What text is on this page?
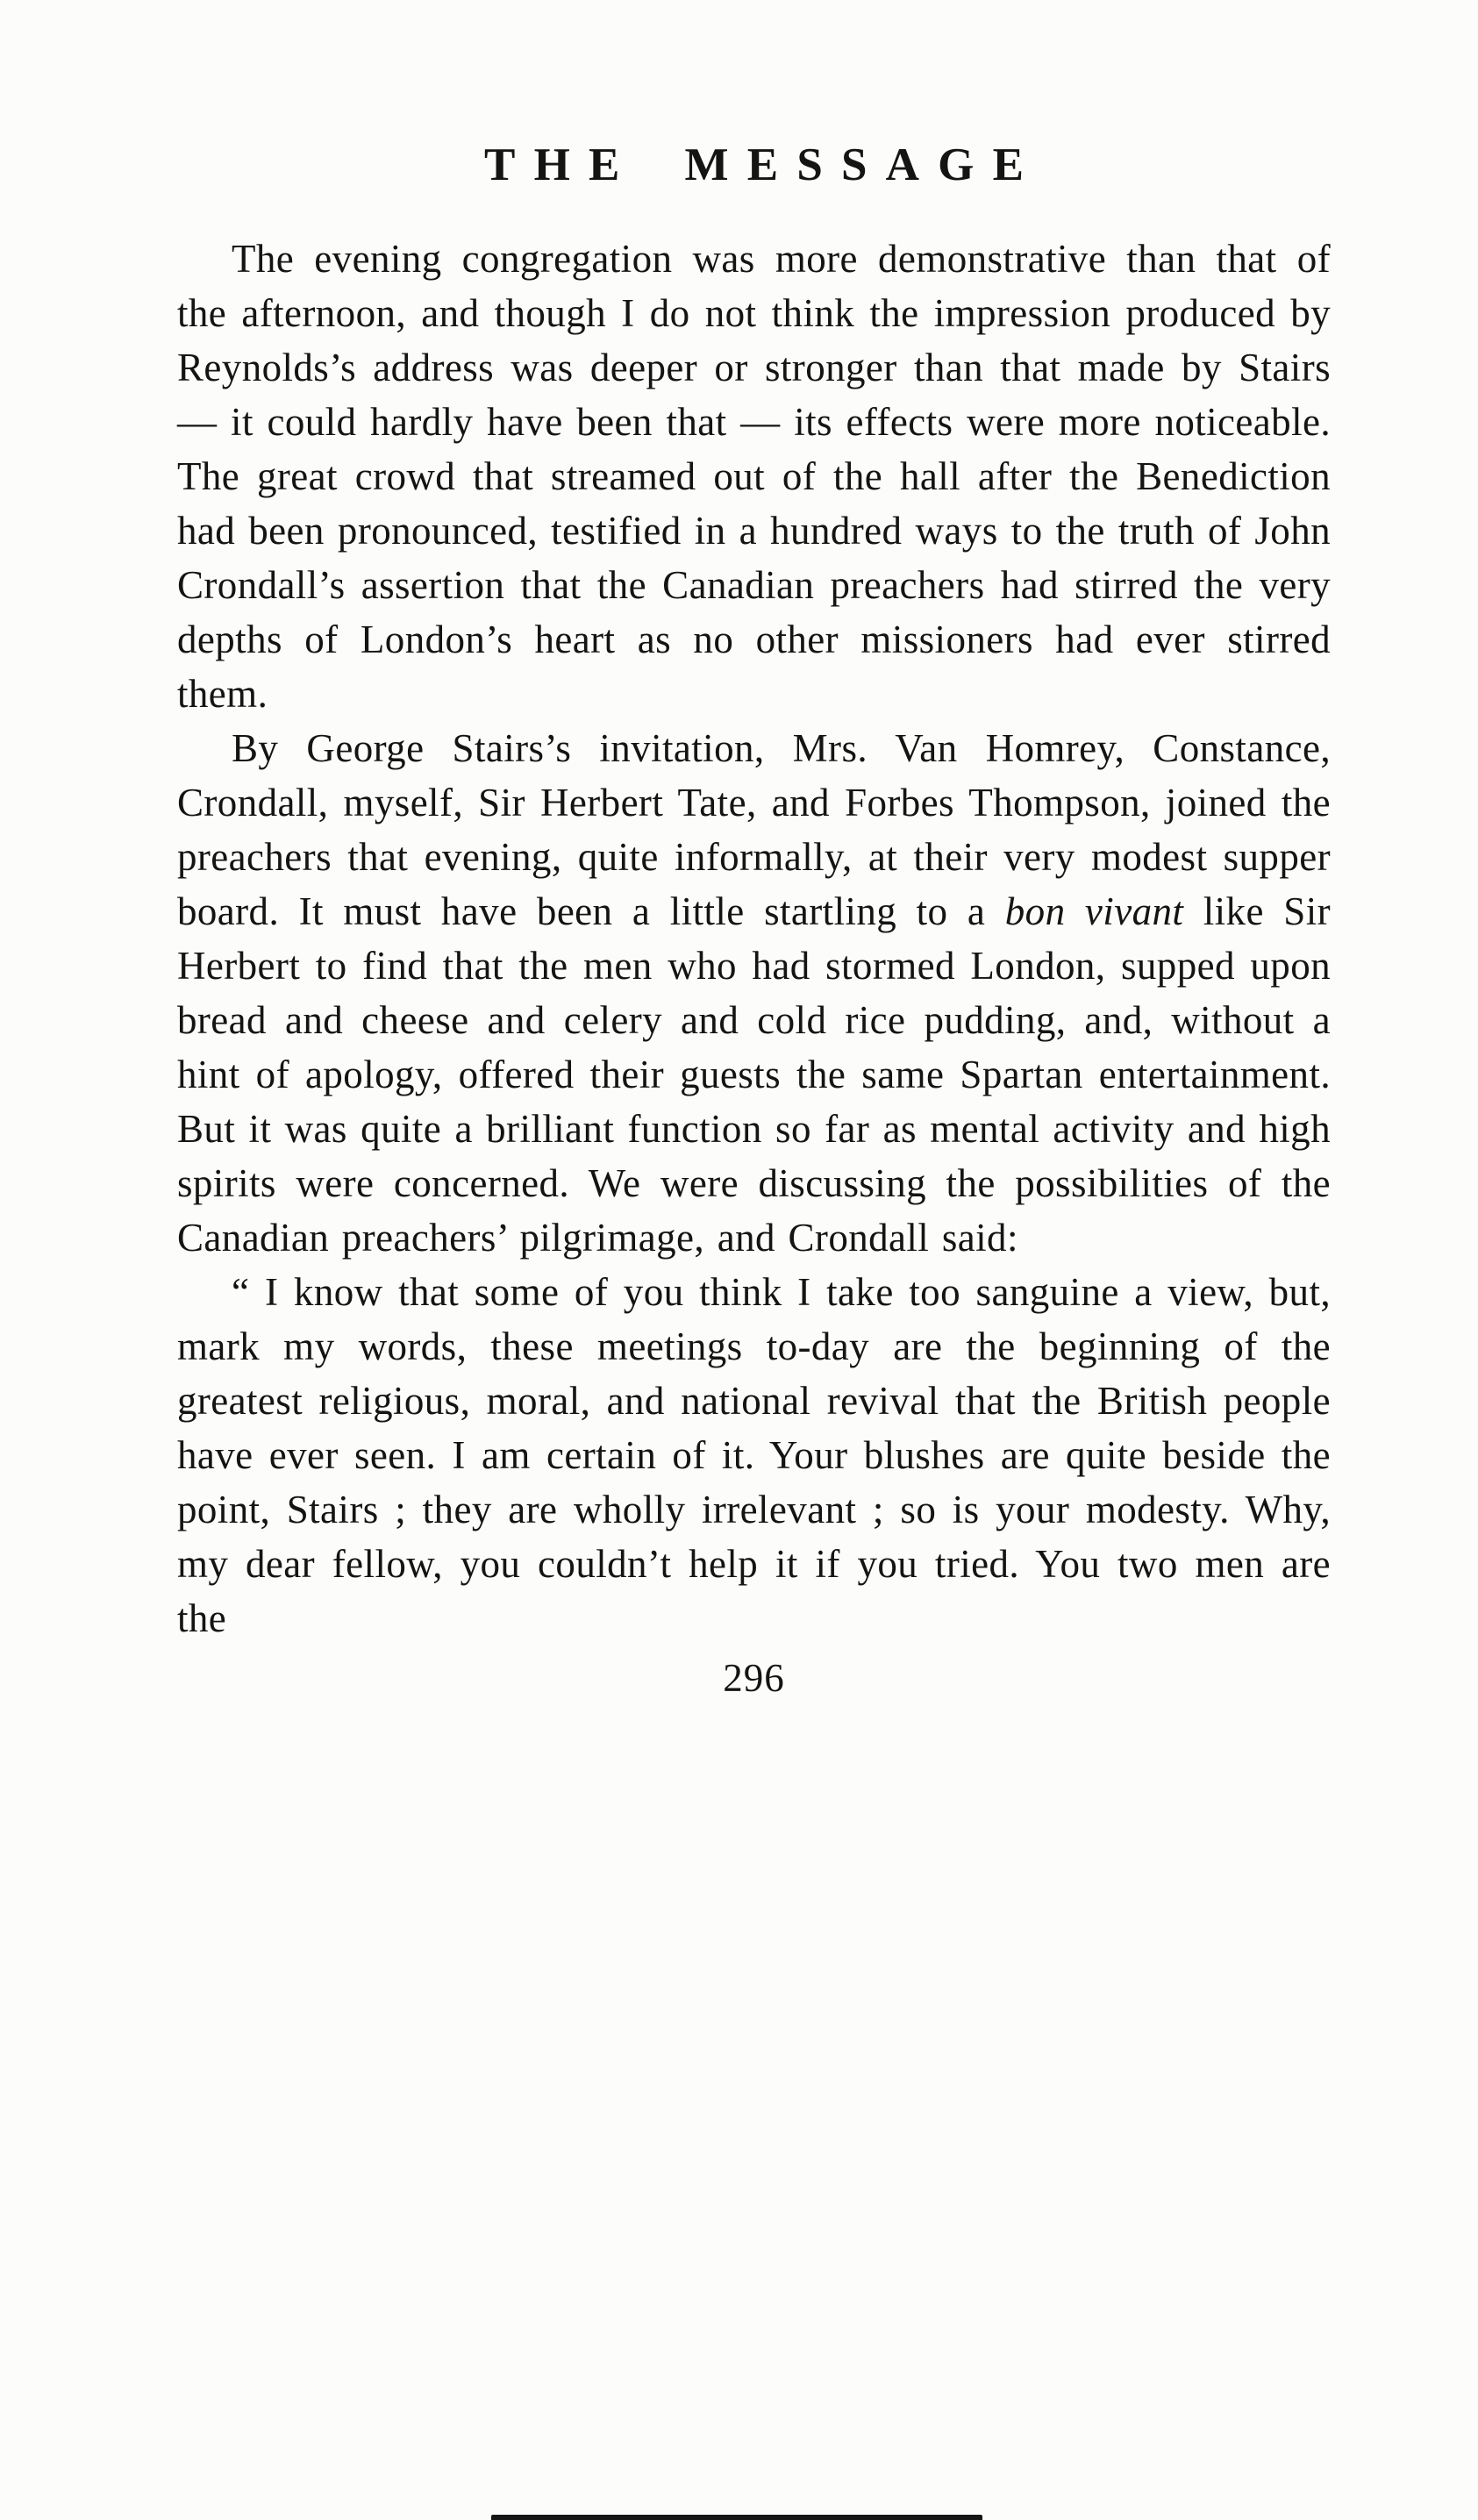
THE MESSAGE

The evening congregation was more demonstrative than that of the afternoon, and though I do not think the impression produced by Reynolds’s address was deeper or stronger than that made by Stairs — it could hardly have been that — its effects were more noticeable. The great crowd that streamed out of the hall after the Benediction had been pronounced, testified in a hundred ways to the truth of John Crondall’s assertion that the Canadian preachers had stirred the very depths of London’s heart as no other missioners had ever stirred them.

By George Stairs’s invitation, Mrs. Van Homrey, Constance, Crondall, myself, Sir Herbert Tate, and Forbes Thompson, joined the preachers that evening, quite informally, at their very modest supper board. It must have been a little startling to a bon vivant like Sir Herbert to find that the men who had stormed London, supped upon bread and cheese and celery and cold rice pudding, and, without a hint of apology, offered their guests the same Spartan entertainment. But it was quite a brilliant function so far as mental activity and high spirits were concerned. We were discussing the possibilities of the Canadian preachers’ pilgrimage, and Crondall said:

“ I know that some of you think I take too sanguine a view, but, mark my words, these meetings to-day are the beginning of the greatest religious, moral, and national revival that the British people have ever seen. I am certain of it. Your blushes are quite beside the point, Stairs ; they are wholly irrelevant ; so is your modesty. Why, my dear fellow, you couldn’t help it if you tried. You two men are the

296
